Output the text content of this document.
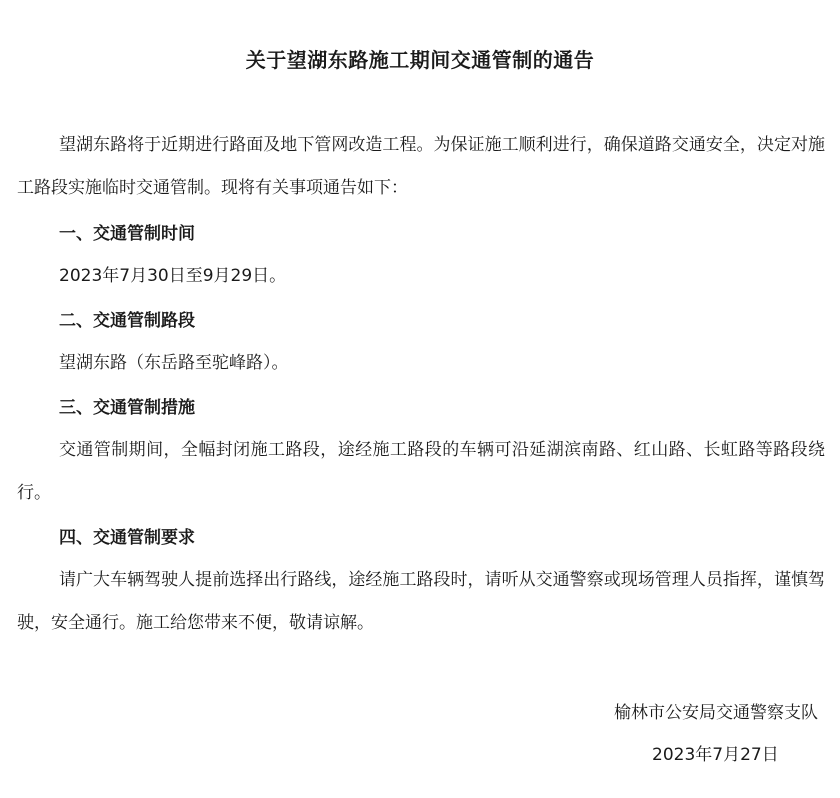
关于望湖东路施工期间交通管制的通告
望湖东路将于近期进行路面及地下管网改造工程。为保证施工顺利进行，确保道路交通安全，决定对施工路段实施临时交通管制。现将有关事项通告如下：
一、交通管制时间
2023年7月30日至9月29日。
二、交通管制路段
望湖东路（东岳路至驼峰路）。
三、交通管制措施
交通管制期间，全幅封闭施工路段，途经施工路段的车辆可沿延湖滨南路、红山路、长虹路等路段绕行。
四、交通管制要求
请广大车辆驾驶人提前选择出行路线，途经施工路段时，请听从交通警察或现场管理人员指挥，谨慎驾驶，安全通行。施工给您带来不便，敬请谅解。
榆林市公安局交通警察支队
2023年7月27日
